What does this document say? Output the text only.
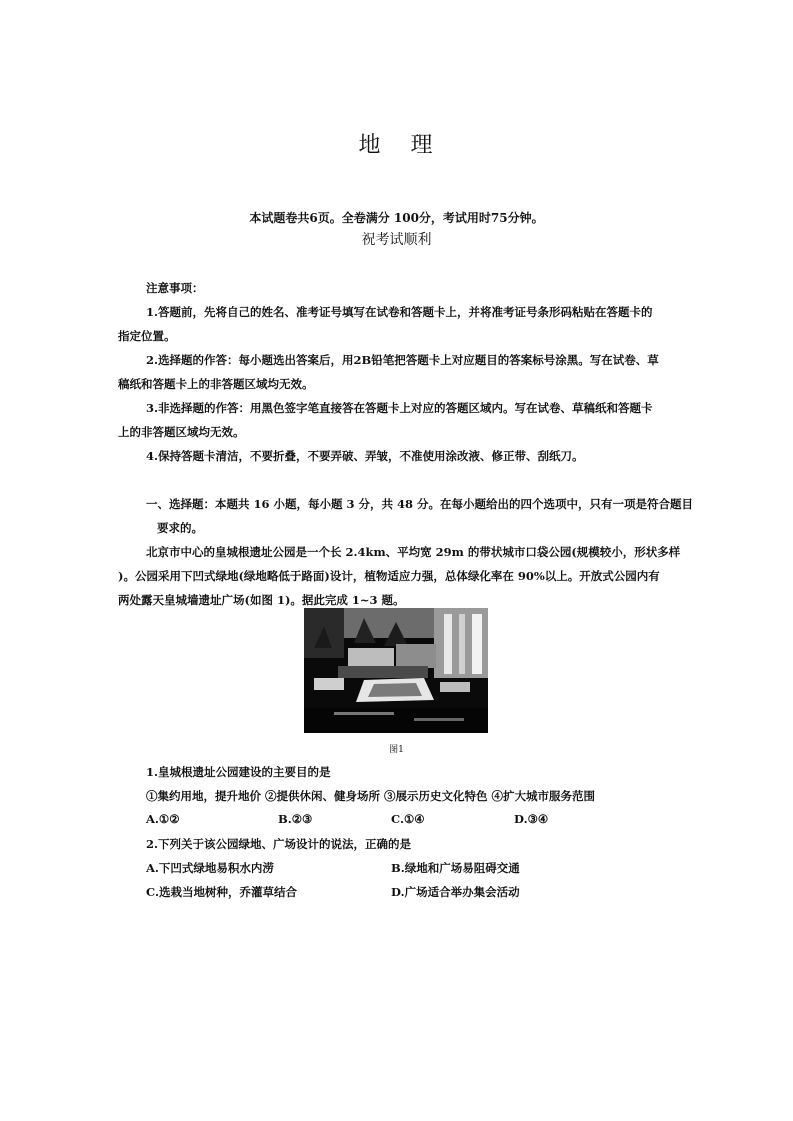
地 理
本试题卷共6页。全卷满分 100分，考试用时75分钟。
祝考试顺利
注意事项：
1.答题前，先将自己的姓名、准考证号填写在试卷和答题卡上，并将准考证号条形码粘贴在答题卡的
指定位置。
2.选择题的作答：每小题选出答案后，用2B铅笔把答题卡上对应题目的答案标号涂黑。写在试卷、草
稿纸和答题卡上的非答题区域均无效。
3.非选择题的作答：用黑色签字笔直接答在答题卡上对应的答题区域内。写在试卷、草稿纸和答题卡
上的非答题区域均无效。
4.保持答题卡清洁，不要折叠，不要弄破、弄皱，不准使用涂改液、修正带、刮纸刀。
一、选择题：本题共 16 小题，每小题 3 分，共 48 分。在每小题给出的四个选项中，只有一项是符合题目
要求的。
北京市中心的皇城根遗址公园是一个长 2.4km、平均宽 29m 的带状城市口袋公园(规模较小，形状多样
)。公园采用下凹式绿地(绿地略低于路面)设计，植物适应力强，总体绿化率在 90%以上。开放式公园内有
两处露天皇城墙遗址广场(如图 1)。据此完成 1~3 题。
图1
1.皇城根遗址公园建设的主要目的是
①集约用地，提升地价 ②提供休闲、健身场所 ③展示历史文化特色 ④扩大城市服务范围
A.①②	B.②③	C.①④	D.③④
2.下列关于该公园绿地、广场设计的说法，正确的是
A.下凹式绿地易积水内涝	B.绿地和广场易阻碍交通
C.选栽当地树种，乔灌草结合	D.广场适合举办集会活动
